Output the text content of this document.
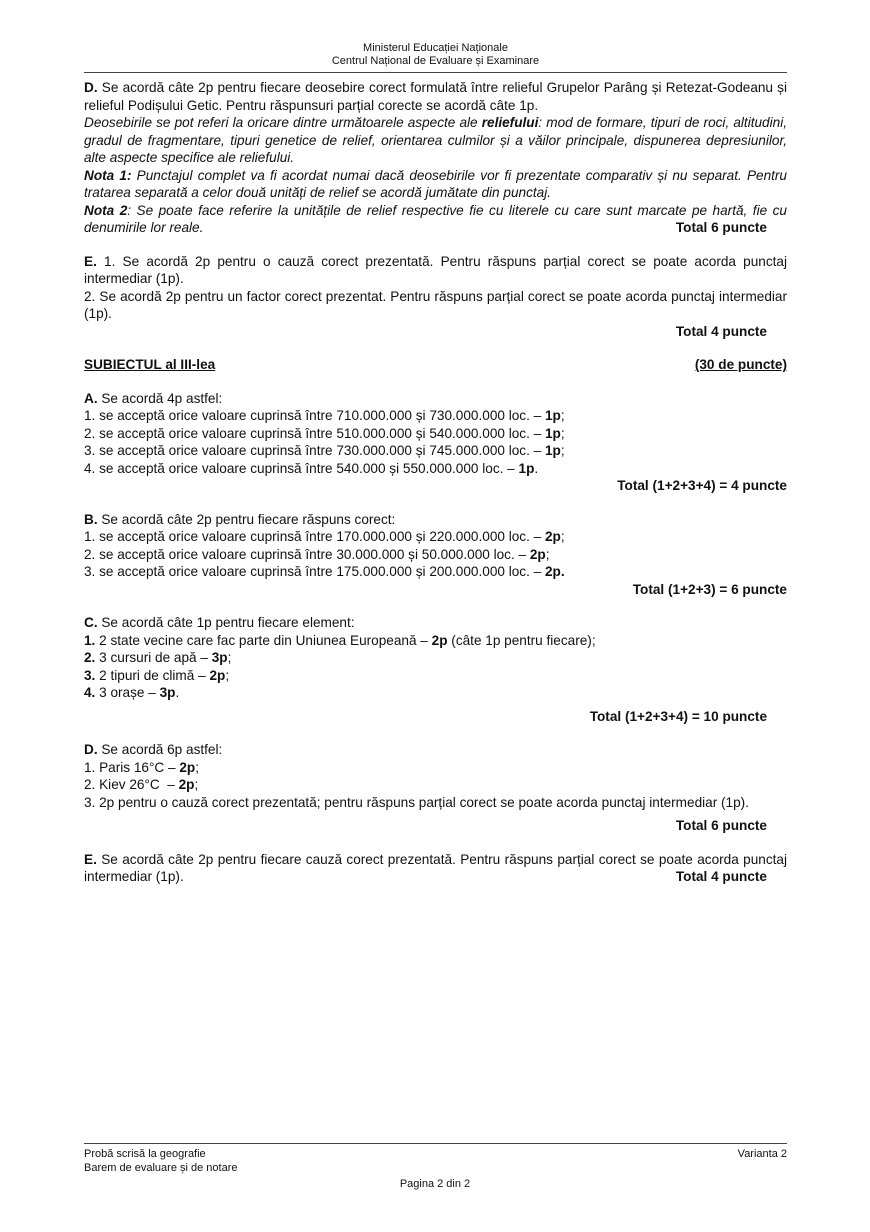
Ministerul Educației Naționale
Centrul Național de Evaluare și Examinare

D. Se acordă câte 2p pentru fiecare deosebire corect formulată între relieful Grupelor Parâng și Retezat-Godeanu și relieful Podișului Getic. Pentru răspunsuri parțial corecte se acordă câte 1p.

Deosebirile se pot referi la oricare dintre următoarele aspecte ale reliefului: mod de formare, tipuri de roci, altitudini, gradul de fragmentare, tipuri genetice de relief, orientarea culmilor și a văilor principale, dispunerea depresiunilor, alte aspecte specifice ale reliefului.

Nota 1: Punctajul complet va fi acordat numai dacă deosebirile vor fi prezentate comparativ și nu separat. Pentru tratarea separată a celor două unități de relief se acordă jumătate din punctaj.

Nota 2: Se poate face referire la unitățile de relief respective fie cu literele cu care sunt marcate pe hartă, fie cu denumirile lor reale.	Total 6 puncte

E. 1. Se acordă 2p pentru o cauză corect prezentată. Pentru răspuns parțial corect se poate acorda punctaj intermediar (1p).

2. Se acordă 2p pentru un factor corect prezentat. Pentru răspuns parțial corect se poate acorda punctaj intermediar (1p).

Total 4 puncte

SUBIECTUL al III-lea	(30 de puncte)

A. Se acordă 4p astfel:

1. se acceptă orice valoare cuprinsă între 710.000.000 și 730.000.000 loc. – 1p;

2. se acceptă orice valoare cuprinsă între 510.000.000 și 540.000.000 loc. – 1p;

3. se acceptă orice valoare cuprinsă între 730.000.000 și 745.000.000 loc. – 1p;

4. se acceptă orice valoare cuprinsă între 540.000 și 550.000.000 loc. – 1p.

Total (1+2+3+4) = 4 puncte

B. Se acordă câte 2p pentru fiecare răspuns corect:

1. se acceptă orice valoare cuprinsă între 170.000.000 și 220.000.000 loc. – 2p;

2. se acceptă orice valoare cuprinsă între 30.000.000 și 50.000.000 loc. – 2p;

3. se acceptă orice valoare cuprinsă între 175.000.000 și 200.000.000 loc. – 2p.

Total (1+2+3) = 6 puncte

C. Se acordă câte 1p pentru fiecare element:

1. 2 state vecine care fac parte din Uniunea Europeană – 2p (câte 1p pentru fiecare);

2. 3 cursuri de apă – 3p;

3. 2 tipuri de climă – 2p;

4. 3 orașe – 3p.

Total (1+2+3+4) = 10 puncte

D. Se acordă 6p astfel:

1. Paris 16°C – 2p;

2. Kiev 26°C  – 2p;

3. 2p pentru o cauză corect prezentată; pentru răspuns parțial corect se poate acorda punctaj intermediar (1p).

Total 6 puncte

E. Se acordă câte 2p pentru fiecare cauză corect prezentată. Pentru răspuns parțial corect se poate acorda punctaj intermediar (1p).	Total 4 puncte

Probă scrisă la geografie
Barem de evaluare și de notare
Varianta 2
Pagina 2 din 2
